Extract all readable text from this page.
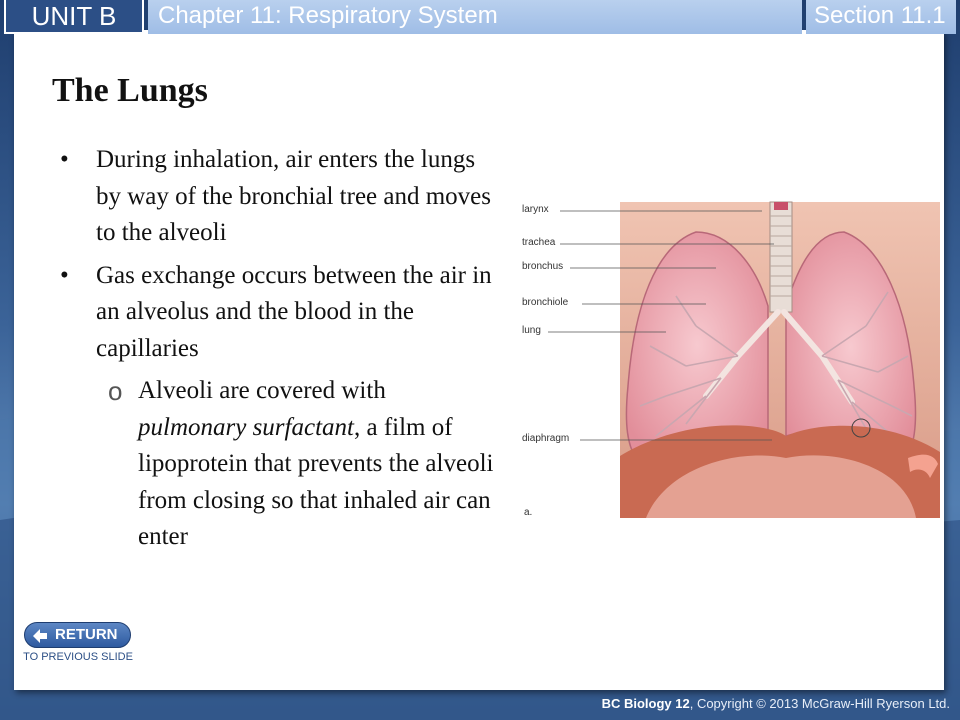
UNIT B	Chapter 11: Respiratory System	Section 11.1
The Lungs
• During inhalation, air enters the lungs by way of the bronchial tree and moves to the alveoli
• Gas exchange occurs between the air in an alveolus and the blood in the capillaries
o Alveoli are covered with pulmonary surfactant, a film of lipoprotein that prevents the alveoli from closing so that inhaled air can enter
larynx
trachea
bronchus
bronchiole
lung
diaphragm
a.
RETURN
TO PREVIOUS SLIDE
BC Biology 12, Copyright © 2013 McGraw-Hill Ryerson Ltd.
